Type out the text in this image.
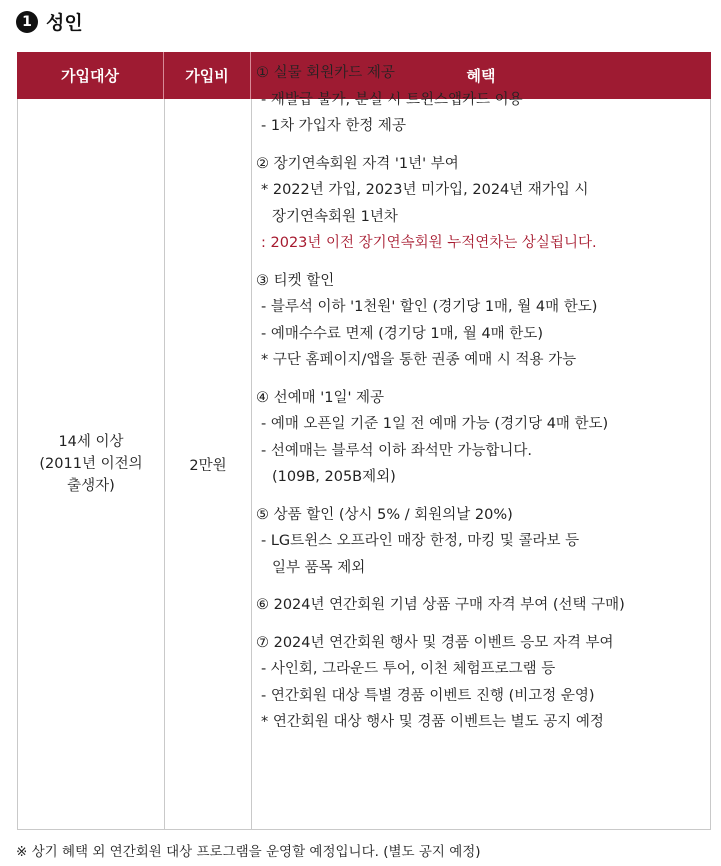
1 성인
가입대상	가입비	혜택
14세 이상
(2011년 이전의
출생자)
2만원
① 실물 회원카드 제공
- 재발급 불가, 분실 시 트윈스앱카드 이용
- 1차 가입자 한정 제공
② 장기연속회원 자격 '1년' 부여
* 2022년 가입, 2023년 미가입, 2024년 재가입 시
장기연속회원 1년차
: 2023년 이전 장기연속회원 누적연차는 상실됩니다.
③ 티켓 할인
- 블루석 이하 '1천원' 할인 (경기당 1매, 월 4매 한도)
- 예매수수료 면제 (경기당 1매, 월 4매 한도)
* 구단 홈페이지/앱을 통한 권종 예매 시 적용 가능
④ 선예매 '1일' 제공
- 예매 오픈일 기준 1일 전 예매 가능 (경기당 4매 한도)
- 선예매는 블루석 이하 좌석만 가능합니다.
(109B, 205B제외)
⑤ 상품 할인 (상시 5% / 회원의날 20%)
- LG트윈스 오프라인 매장 한정, 마킹 및 콜라보 등
일부 품목 제외
⑥ 2024년 연간회원 기념 상품 구매 자격 부여 (선택 구매)
⑦ 2024년 연간회원 행사 및 경품 이벤트 응모 자격 부여
- 사인회, 그라운드 투어, 이천 체험프로그램 등
- 연간회원 대상 특별 경품 이벤트 진행 (비고정 운영)
* 연간회원 대상 행사 및 경품 이벤트는 별도 공지 예정
※ 상기 혜택 외 연간회원 대상 프로그램을 운영할 예정입니다. (별도 공지 예정)
